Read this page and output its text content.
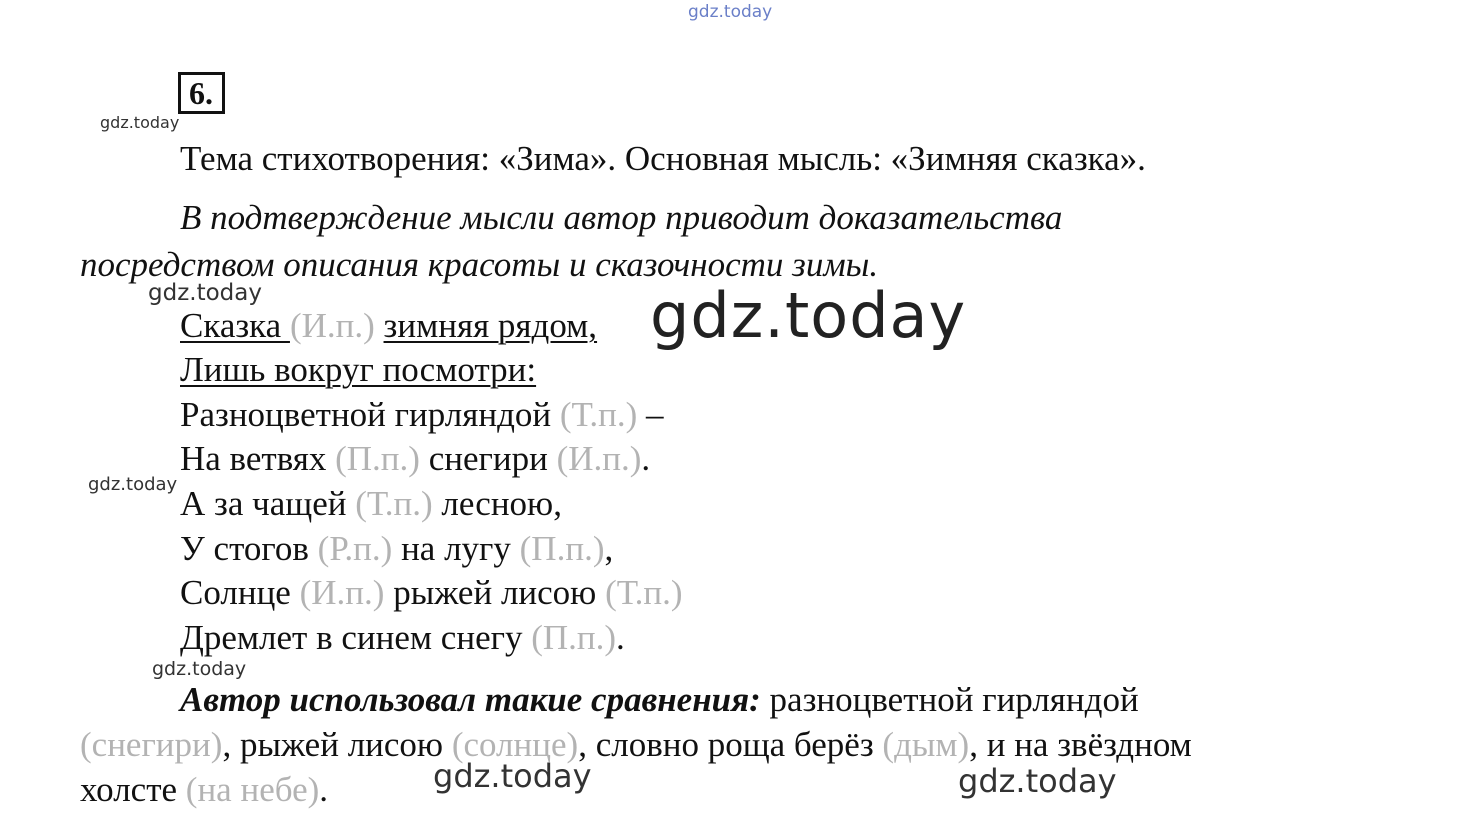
gdz.today
gdz.today
gdz.today	gdz.today
gdz.today
gdz.today
gdz.today	gdz.today
6.
Тема стихотворения: «Зима». Основная мысль: «Зимняя сказка».
В подтверждение мысли автор приводит доказательства
посредством описания красоты и сказочности зимы.
Сказка (И.п.) зимняя рядом,
Лишь вокруг посмотри:
Разноцветной гирляндой (Т.п.) –
На ветвях (П.п.) снегири (И.п.).
А за чащей (Т.п.) лесною,
У стогов (Р.п.) на лугу (П.п.),
Солнце (И.п.) рыжей лисою (Т.п.)
Дремлет в синем снегу (П.п.).
Автор использовал такие сравнения: разноцветной гирляндой
(снегири), рыжей лисою (солнце), словно роща берёз (дым), и на звёздном
холсте (на небе).
